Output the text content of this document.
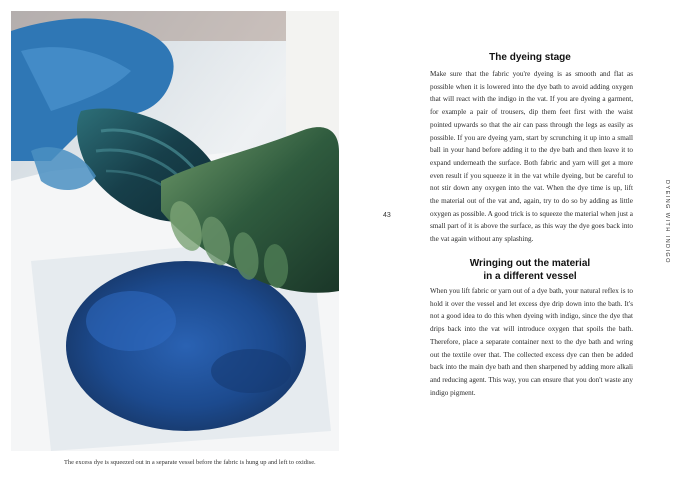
The excess dye is squeezed out in a separate vessel before the fabric is hung up and left to oxidise.
43	DYEING WITH INDIGO
The dyeing stage
Make sure that the fabric you're dyeing is as smooth and flat as possible when it is lowered into the dye bath to avoid adding oxygen that will react with the indigo in the vat. If you are dyeing a garment, for example a pair of trousers, dip them feet first with the waist pointed upwards so that the air can pass through the legs as easily as possible. If you are dyeing yarn, start by scrunching it up into a small ball in your hand before adding it to the dye bath and then leave it to expand underneath the surface. Both fabric and yarn will get a more even result if you squeeze it in the vat while dyeing, but be careful to not stir down any oxygen into the vat. When the dye time is up, lift the material out of the vat and, again, try to do so by adding as little oxygen as possible. A good trick is to squeeze the material when just a small part of it is above the surface, as this way the dye goes back into the vat again without any splashing.
Wringing out the material
in a different vessel
When you lift fabric or yarn out of a dye bath, your natural reflex is to hold it over the vessel and let excess dye drip down into the bath. It's not a good idea to do this when dyeing with indigo, since the dye that drips back into the vat will introduce oxygen that spoils the bath. Therefore, place a separate container next to the dye bath and wring out the textile over that. The collected excess dye can then be added back into the main dye bath and then sharpened by adding more alkali and reducing agent. This way, you can ensure that you don't waste any indigo pigment.
